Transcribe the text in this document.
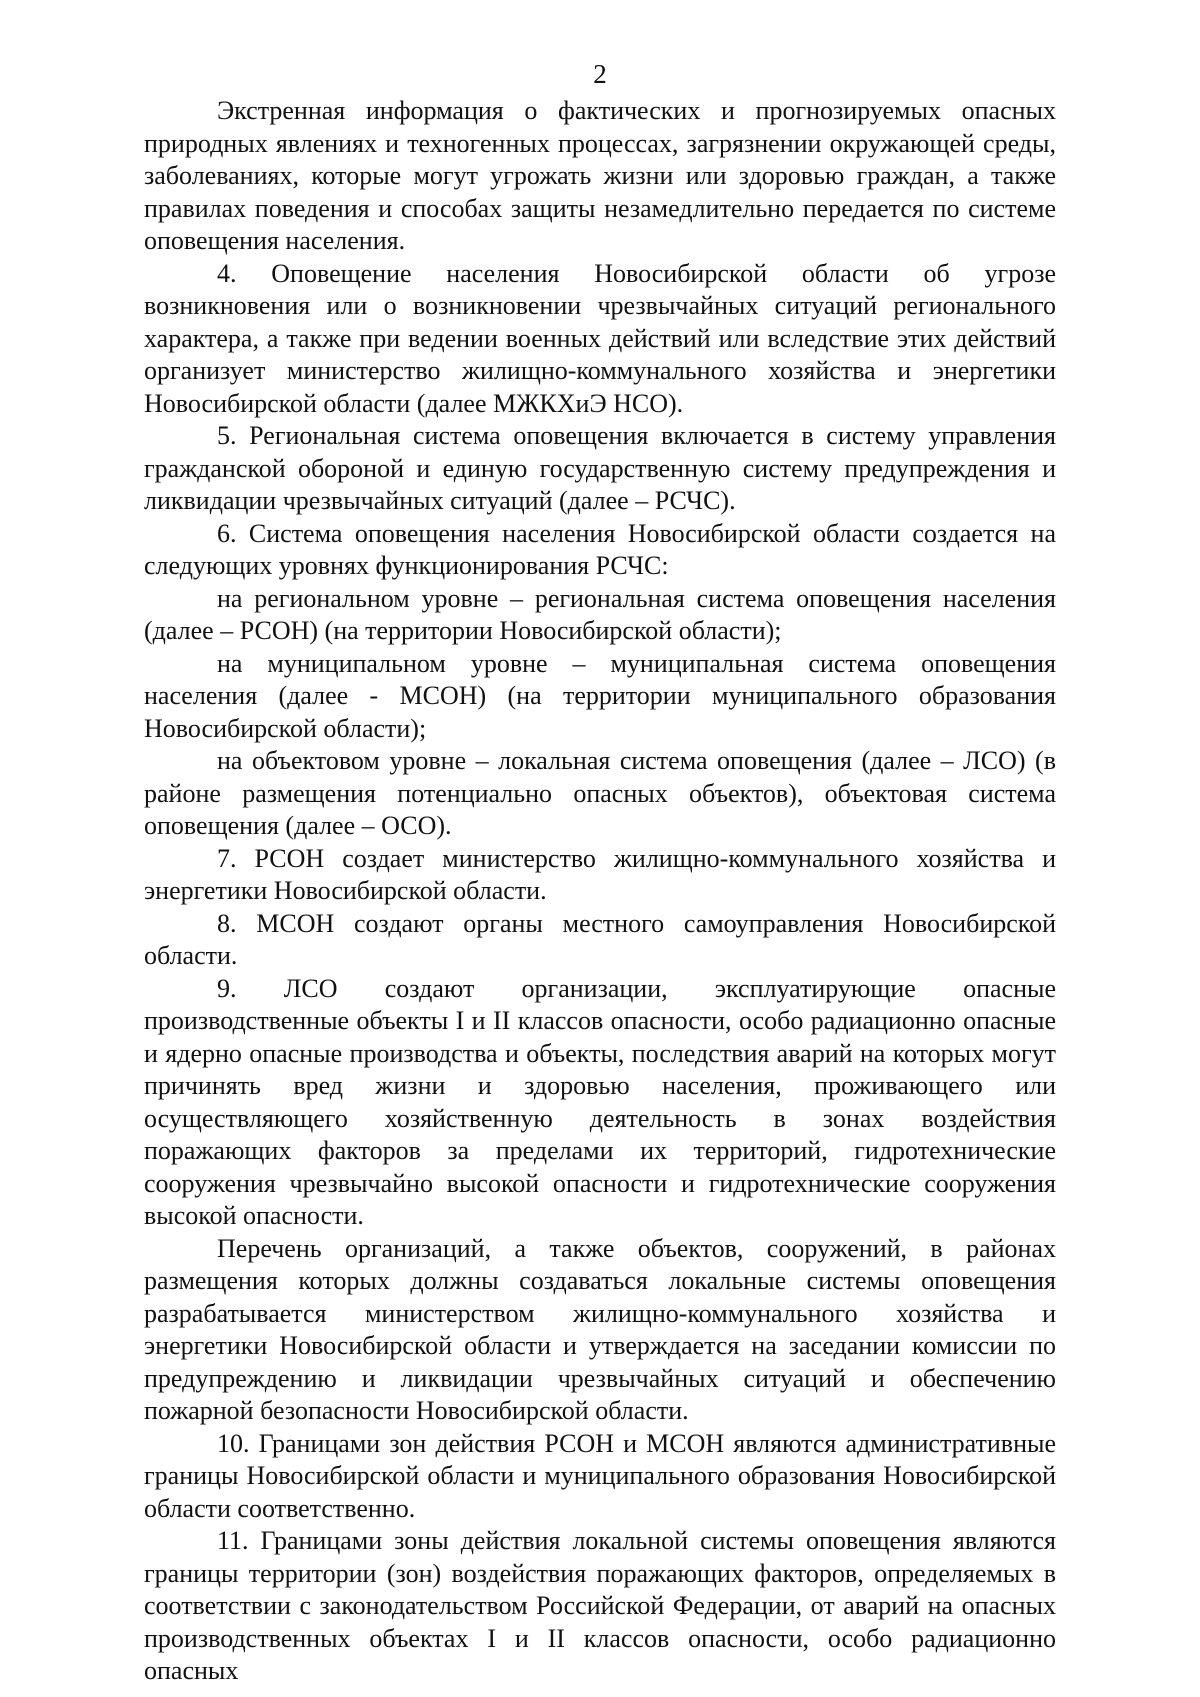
2

Экстренная информация о фактических и прогнозируемых опасных природных явлениях и техногенных процессах, загрязнении окружающей среды, заболеваниях, которые могут угрожать жизни или здоровью граждан, а также правилах поведения и способах защиты незамедлительно передается по системе оповещения населения.

4. Оповещение населения Новосибирской области об угрозе возникновения или о возникновении чрезвычайных ситуаций регионального характера, а также при ведении военных действий или вследствие этих действий организует министерство жилищно-коммунального хозяйства и энергетики Новосибирской области (далее МЖКХиЭ НСО).

5. Региональная система оповещения включается в систему управления гражданской обороной и единую государственную систему предупреждения и ликвидации чрезвычайных ситуаций (далее – РСЧС).

6. Система оповещения населения Новосибирской области создается на следующих уровнях функционирования РСЧС:

на региональном уровне – региональная система оповещения населения (далее – РСОН) (на территории Новосибирской области);

на муниципальном уровне – муниципальная система оповещения населения (далее - МСОН) (на территории муниципального образования Новосибирской области);

на объектовом уровне – локальная система оповещения (далее – ЛСО) (в районе размещения потенциально опасных объектов), объектовая система оповещения (далее – ОСО).

7. РСОН создает министерство жилищно-коммунального хозяйства и энергетики Новосибирской области.

8. МСОН создают органы местного самоуправления Новосибирской области.

9. ЛСО создают организации, эксплуатирующие опасные производственные объекты I и II классов опасности, особо радиационно опасные и ядерно опасные производства и объекты, последствия аварий на которых могут причинять вред жизни и здоровью населения, проживающего или осуществляющего хозяйственную деятельность в зонах воздействия поражающих факторов за пределами их территорий, гидротехнические сооружения чрезвычайно высокой опасности и гидротехнические сооружения высокой опасности.

Перечень организаций, а также объектов, сооружений, в районах размещения которых должны создаваться локальные системы оповещения разрабатывается министерством жилищно-коммунального хозяйства и энергетики Новосибирской области и утверждается на заседании комиссии по предупреждению и ликвидации чрезвычайных ситуаций и обеспечению пожарной безопасности Новосибирской области.

10. Границами зон действия РСОН и МСОН являются административные границы Новосибирской области и муниципального образования Новосибирской области соответственно.

11. Границами зоны действия локальной системы оповещения являются границы территории (зон) воздействия поражающих факторов, определяемых в соответствии с законодательством Российской Федерации, от аварий на опасных производственных объектах I и II классов опасности, особо радиационно опасных
